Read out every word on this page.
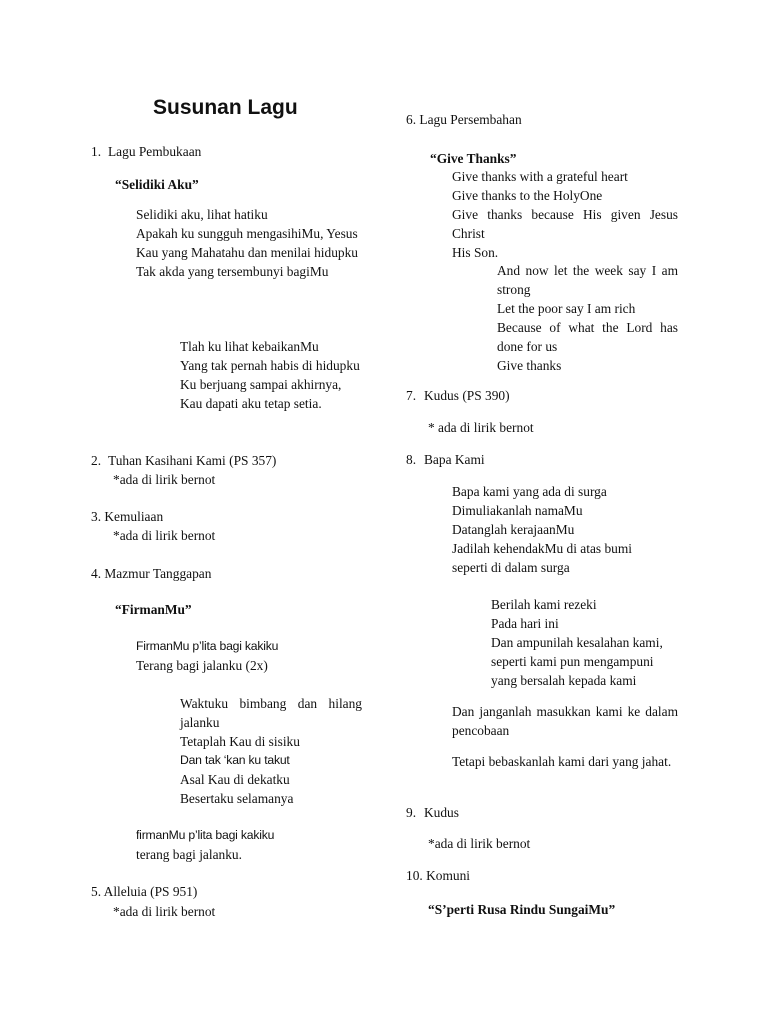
Susunan Lagu
1. Lagu Pembukaan
“Selidiki Aku”
Selidiki aku, lihat hatiku
Apakah ku sungguh mengasihiMu, Yesus
Kau yang Mahatahu dan menilai hidupku
Tak akda yang tersembunyi bagiMu
Tlah ku lihat kebaikanMu
Yang tak pernah habis di hidupku
Ku berjuang sampai akhirnya,
Kau dapati aku tetap setia.
2. Tuhan Kasihani Kami (PS 357)
*ada di lirik bernot
3. Kemuliaan
*ada di lirik bernot
4. Mazmur Tanggapan
“FirmanMu”
FirmanMu p’lita bagi kakiku
Terang bagi jalanku (2x)
Waktuku bimbang dan hilang jalanku
Tetaplah Kau di sisiku
Dan tak ‘kan ku takut
Asal Kau di dekatku
Besertaku selamanya
firmanMu p’lita bagi kakiku
terang bagi jalanku.
5. Alleluia (PS 951)
*ada di lirik bernot
6. Lagu Persembahan
“Give Thanks”
Give thanks with a grateful heart
Give thanks to the HolyOne
Give thanks because His given Jesus Christ
His Son.
And now let the week say I am strong
Let the poor say I am rich
Because of what the Lord has done for us
Give thanks
7. Kudus (PS 390)
* ada di lirik bernot
8. Bapa Kami
Bapa kami yang ada di surga
Dimuliakanlah namaMu
Datanglah kerajaanMu
Jadilah kehendakMu di atas bumi
seperti di dalam surga
Berilah kami rezeki
Pada hari ini
Dan ampunilah kesalahan kami,
seperti kami pun mengampuni
yang bersalah kepada kami
Dan janganlah masukkan kami ke dalam pencobaan
Tetapi bebaskanlah kami dari yang jahat.
9. Kudus
*ada di lirik bernot
10. Komuni
“S’perti Rusa Rindu SungaiMu”
